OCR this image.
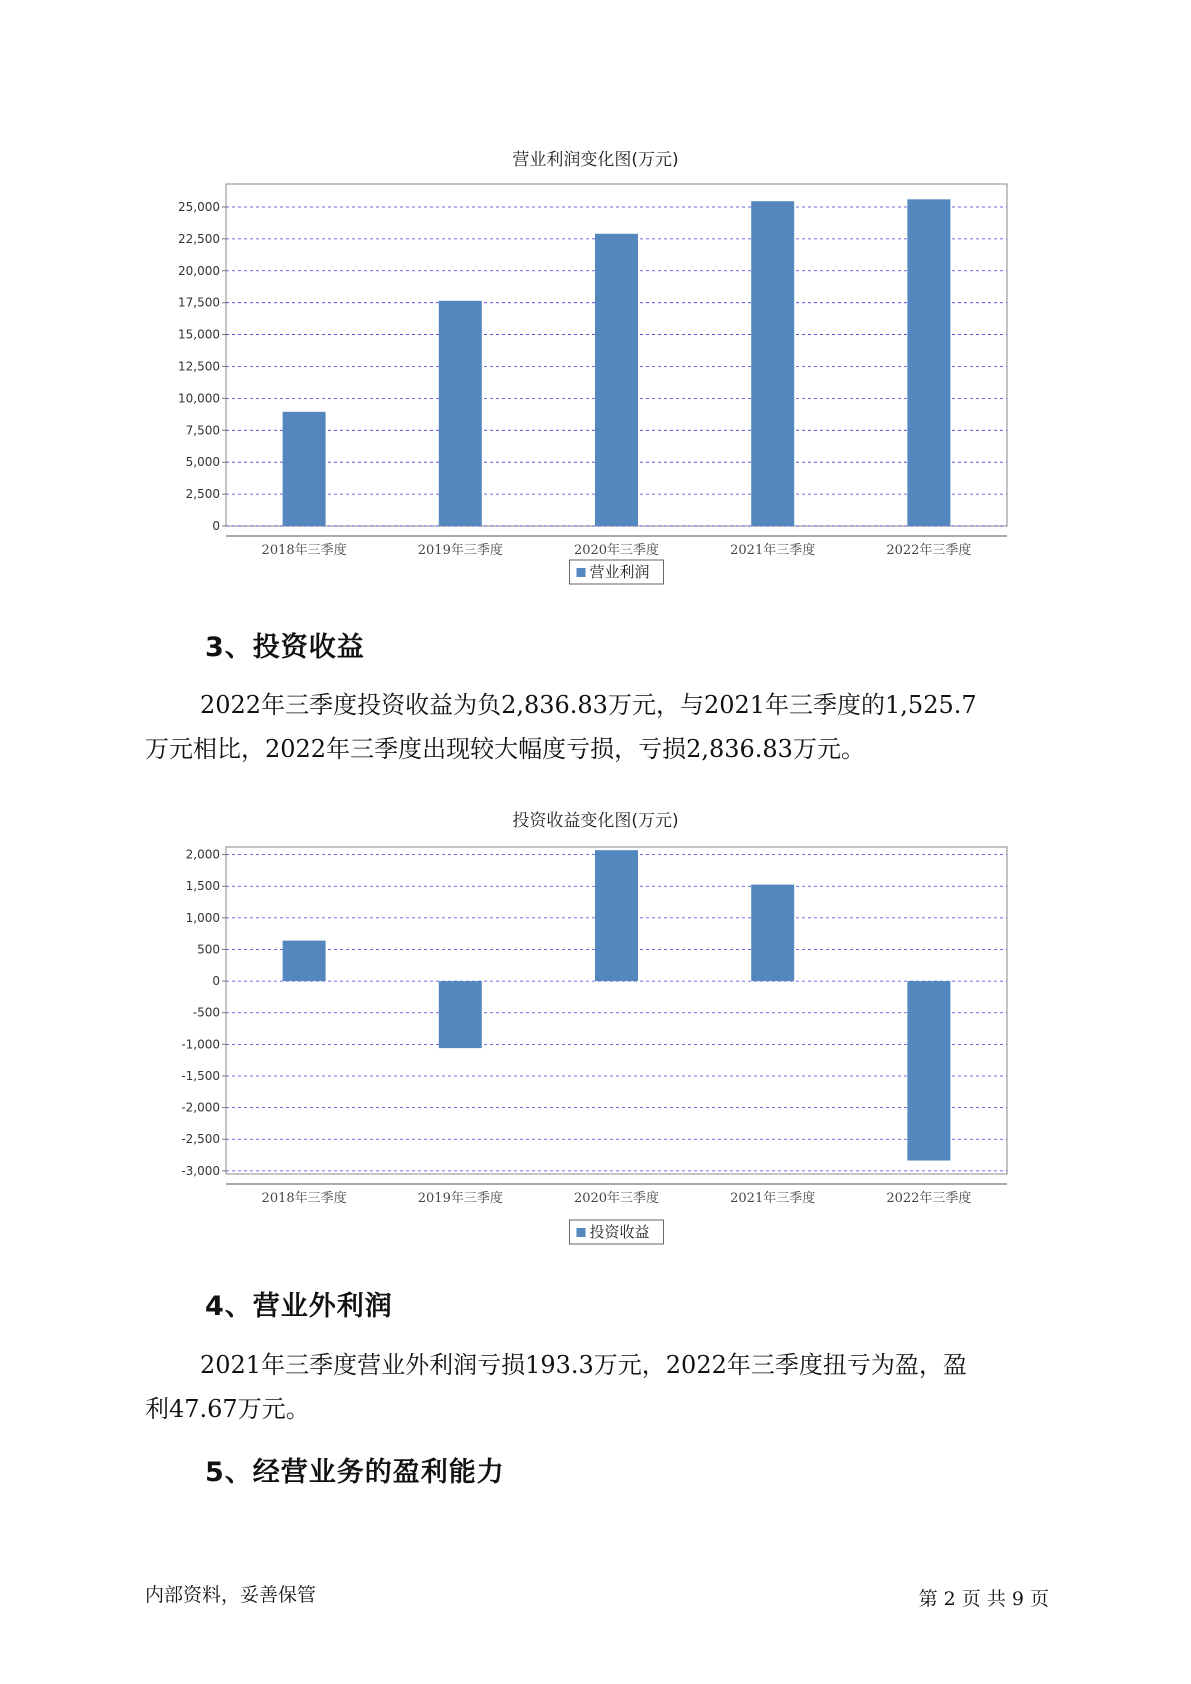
营业利润变化图(万元)
0
2,500
5,000
7,500
10,000
12,500
15,000
17,500
20,000
22,500
25,000
2018年三季度	2019年三季度	2020年三季度	2021年三季度	2022年三季度
营业利润
3、投资收益

2022年三季度投资收益为负2,836.83万元，与2021年三季度的1,525.7
万元相比，2022年三季度出现较大幅度亏损，亏损2,836.83万元。

投资收益变化图(万元)
-3,000
-2,500
-2,000
-1,500
-1,000
-500
0
500
1,000
1,500
2,000
2018年三季度	2019年三季度	2020年三季度	2021年三季度	2022年三季度
投资收益
4、营业外利润

2021年三季度营业外利润亏损193.3万元，2022年三季度扭亏为盈，盈
利47.67万元。

5、经营业务的盈利能力
内部资料，妥善保管	第 2 页 共 9 页
